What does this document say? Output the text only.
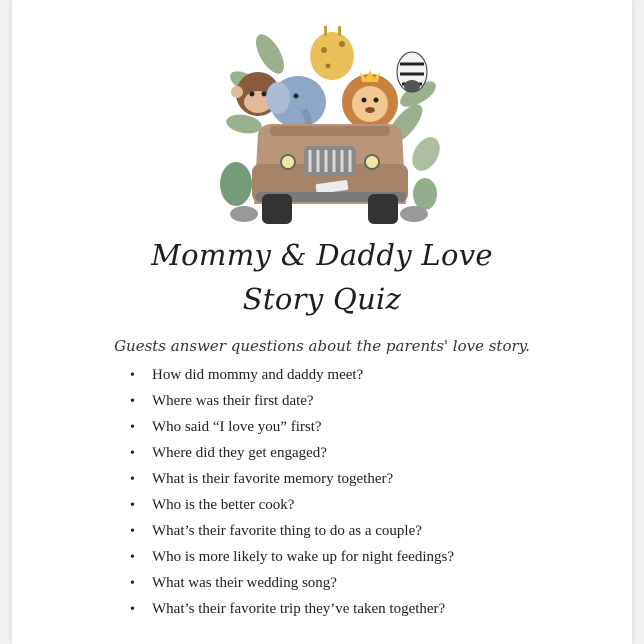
Mommy & Daddy Love
Story Quiz
Guests answer questions about the parents' love story.
• How did mommy and daddy meet?
• Where was their first date?
• Who said “I love you” first?
• Where did they get engaged?
• What is their favorite memory together?
• Who is the better cook?
• What’s their favorite thing to do as a couple?
• Who is more likely to wake up for night feedings?
• What was their wedding song?
• What’s their favorite trip they’ve taken together?
